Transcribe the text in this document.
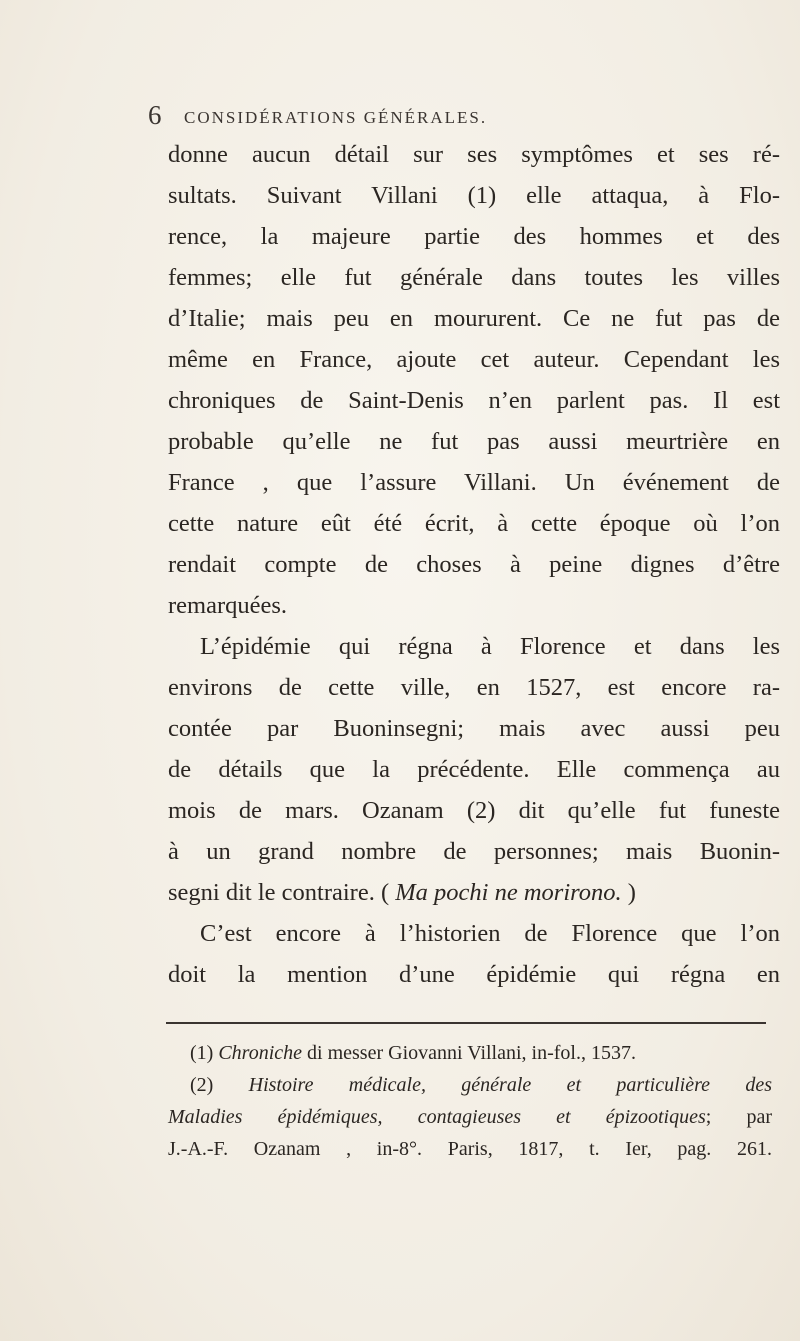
6 CONSIDÉRATIONS GÉNÉRALES.
donne aucun détail sur ses symptômes et ses ré-
sultats. Suivant Villani (1) elle attaqua, à Flo-
rence, la majeure partie des hommes et des
femmes; elle fut générale dans toutes les villes
d’Italie; mais peu en moururent. Ce ne fut pas de
même en France, ajoute cet auteur. Cependant les
chroniques de Saint-Denis n’en parlent pas. Il est
probable qu’elle ne fut pas aussi meurtrière en
France , que l’assure Villani. Un événement de
cette nature eût été écrit, à cette époque où l’on
rendait compte de choses à peine dignes d’être
remarquées.
L’épidémie qui régna à Florence et dans les
environs de cette ville, en 1527, est encore ra-
contée par Buoninsegni; mais avec aussi peu
de détails que la précédente. Elle commença au
mois de mars. Ozanam (2) dit qu’elle fut funeste
à un grand nombre de personnes; mais Buonin-
segni dit le contraire. ( Ma pochi ne morirono. )
C’est encore à l’historien de Florence que l’on
doit la mention d’une épidémie qui régna en
(1) Chroniche di messer Giovanni Villani, in-fol., 1537.
(2) Histoire médicale, générale et particulière des
Maladies épidémiques, contagieuses et épizootiques; par
J.-A.-F. Ozanam , in-8°. Paris, 1817, t. Ier, pag. 261.
